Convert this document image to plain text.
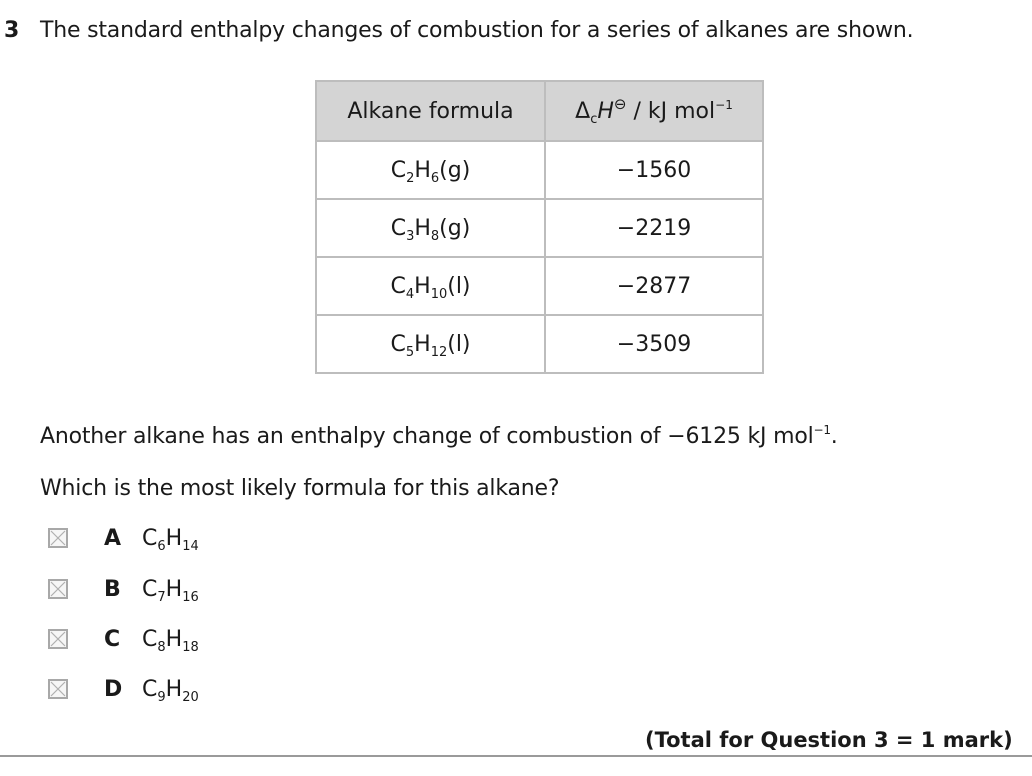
3 The standard enthalpy changes of combustion for a series of alkanes are shown.
Alkane formula	$\Delta_cH^⊖$ / kJ mol$^{-1}$
$C_2H_6(g)$	−1560
$C_3H_8(g)$	−2219
$C_4H_{10}(l)$	−2877
$C_5H_{12}(l)$	−3509
Another alkane has an enthalpy change of combustion of −6125 kJ mol$^{-1}$.
Which is the most likely formula for this alkane?
A $C_6H_{14}$
B $C_7H_{16}$
C $C_8H_{18}$
D $C_9H_{20}$
(Total for Question 3 = 1 mark)
